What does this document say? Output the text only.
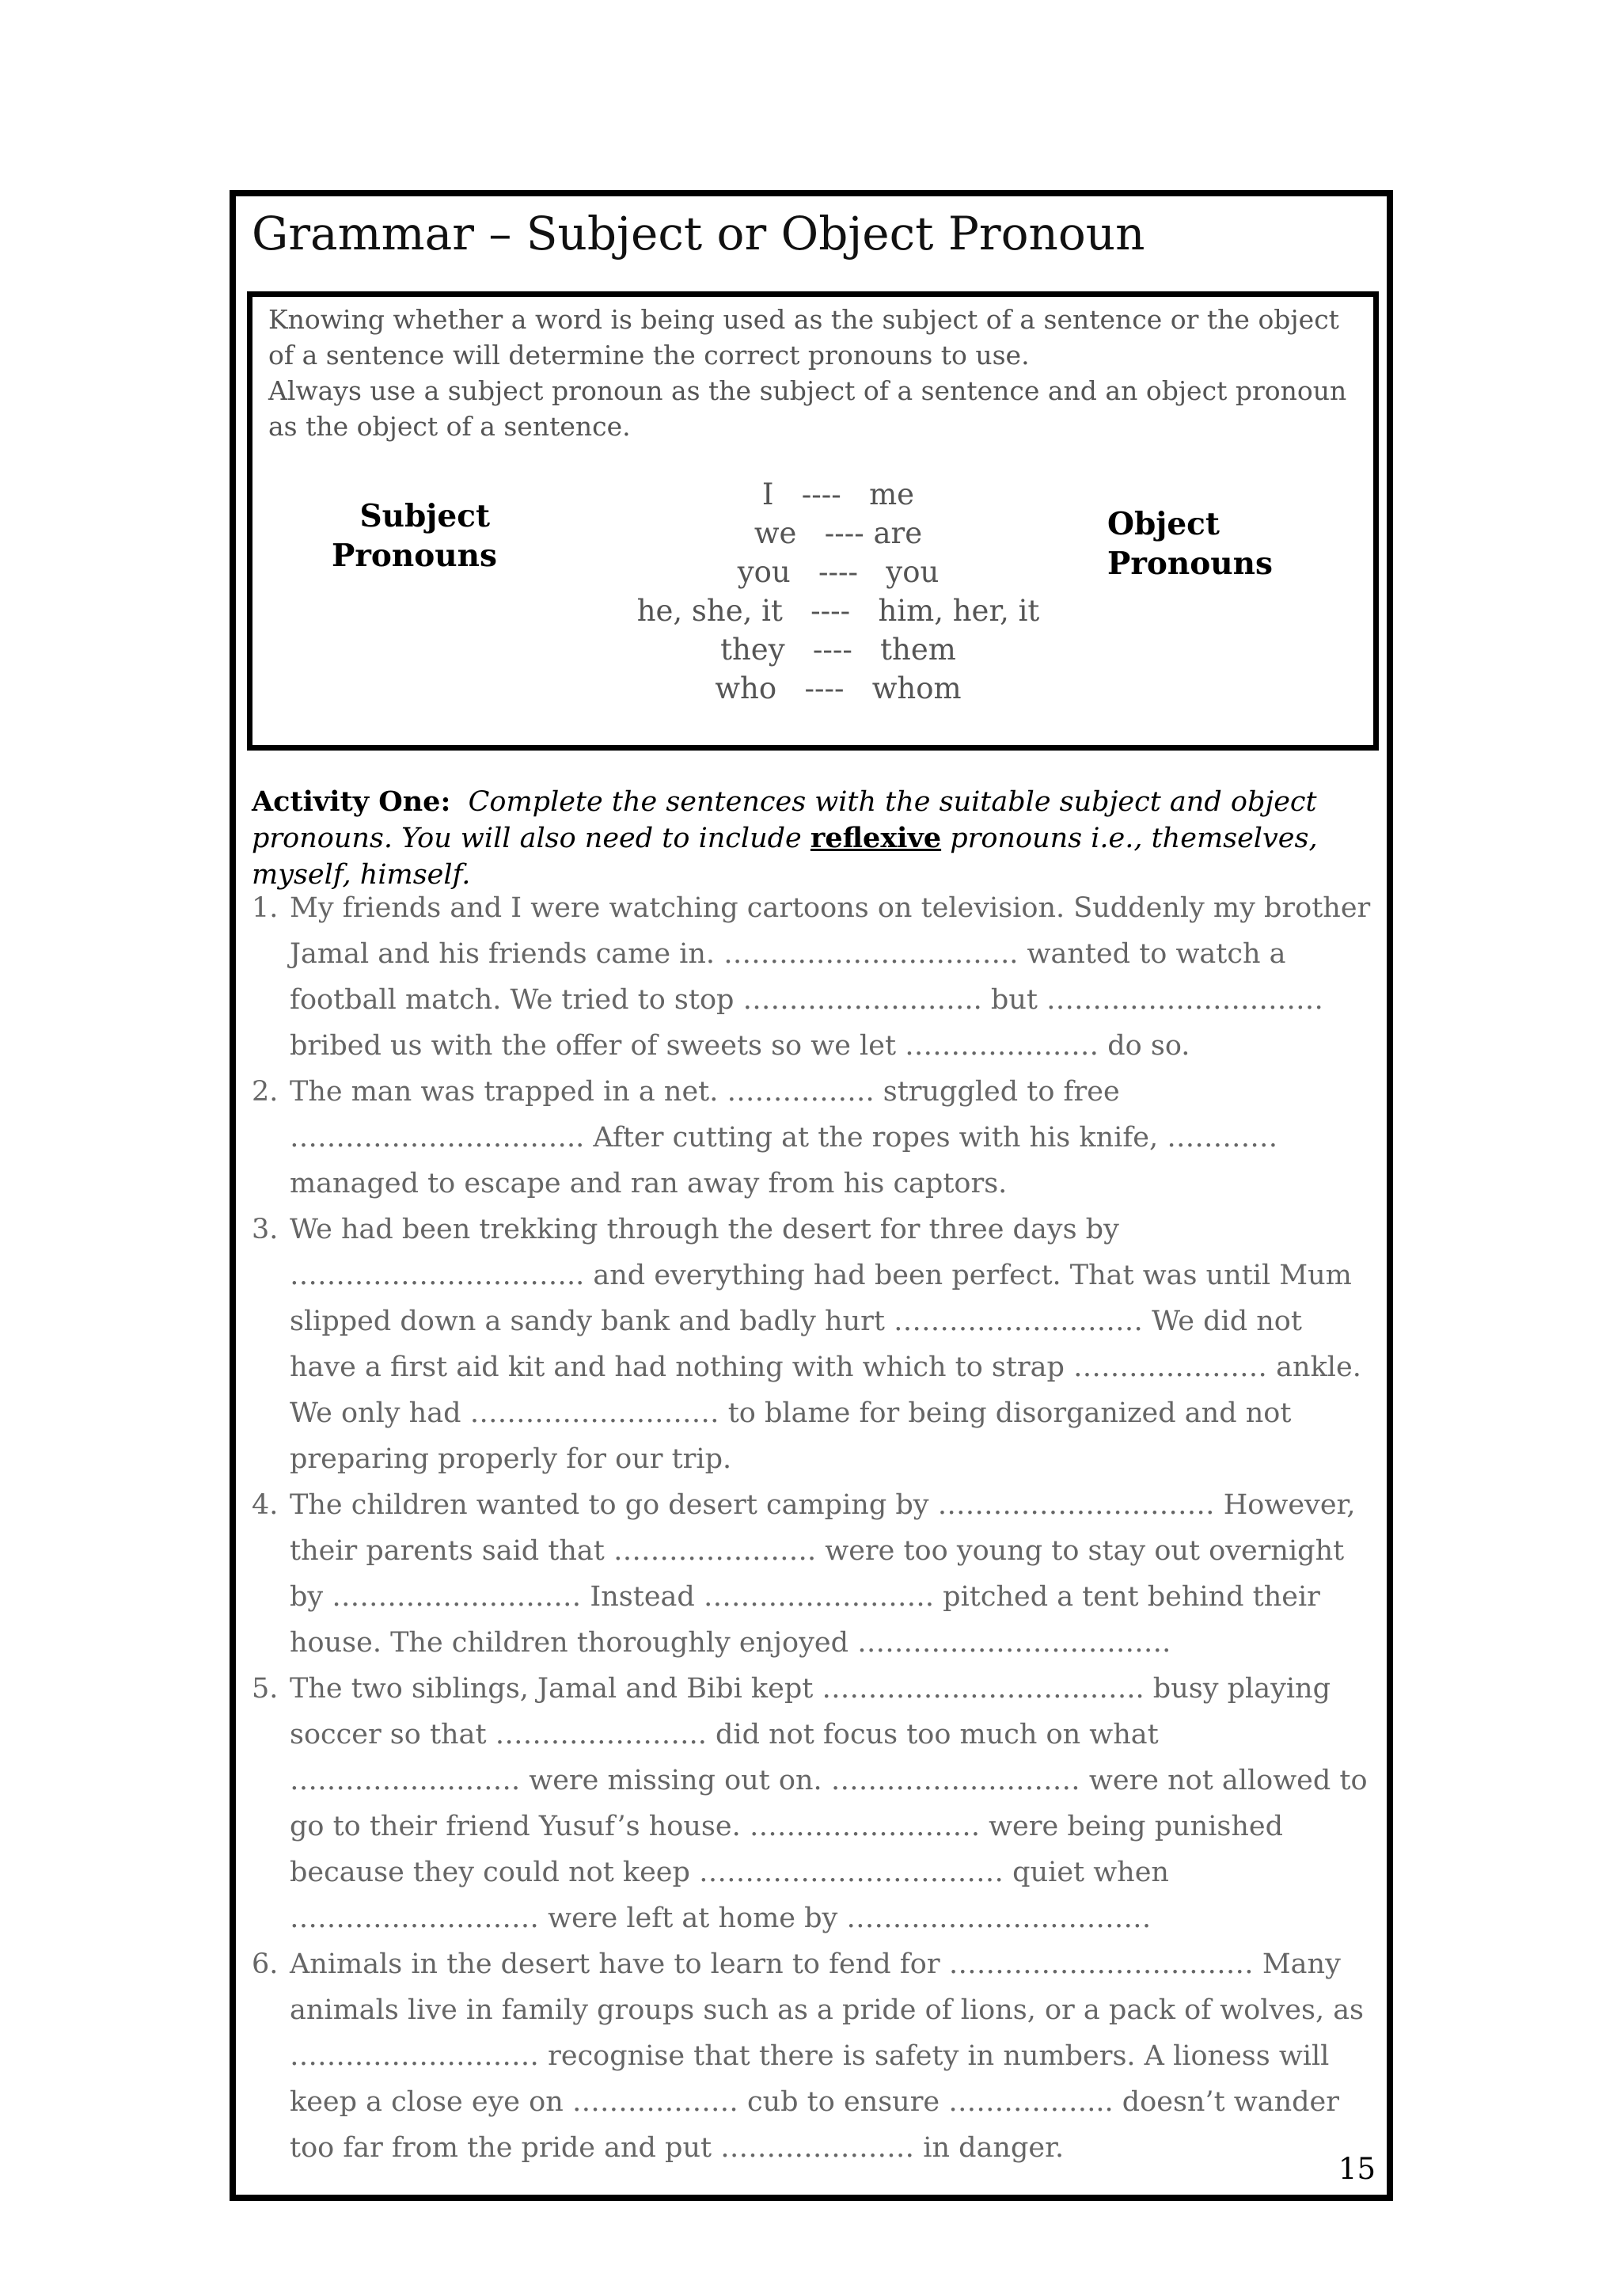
Grammar – Subject or Object Pronoun

Knowing whether a word is being used as the subject of a sentence or the object of a sentence will determine the correct pronouns to use.

Always use a subject pronoun as the subject of a sentence and an object pronoun as the object of a sentence.

Subject
Pronouns
I   ----   me
we   ---- are
you   ----   you
he, she, it   ----   him, her, it
they   ----   them
who   ----   whom
Object
Pronouns
Activity One: Complete the sentences with the suitable subject and object pronouns. You will also need to include reflexive pronouns i.e., themselves, myself, himself.
1. My friends and I were watching cartoons on television. Suddenly my brother Jamal and his friends came in. ………………………….. wanted to watch a football match. We tried to stop …………………….. but ………………………… bribed us with the offer of sweets so we let ………………… do so.
2. The man was trapped in a net. ……………. struggled to free ………………………….. After cutting at the ropes with his knife, ………… managed to escape and ran away from his captors.
3. We had been trekking through the desert for three days by ………………………….. and everything had been perfect. That was until Mum slipped down a sandy bank and badly hurt ……………………… We did not have a first aid kit and had nothing with which to strap ………………… ankle. We only had ……………………… to blame for being disorganized and not preparing properly for our trip.
4. The children wanted to go desert camping by ………………………… However, their parents said that …………………. were too young to stay out overnight by ……………………… Instead ……………………. pitched a tent behind their house. The children thoroughly enjoyed …………………………….
5. The two siblings, Jamal and Bibi kept …………………………….. busy playing soccer so that ………………….. did not focus too much on what ……………………. were missing out on. ……………………… were not allowed to go to their friend Yusuf’s house. ……………………. were being punished because they could not keep …………………………… quiet when ……………………… were left at home by ……………………………
6. Animals in the desert have to learn to fend for …………………………… Many animals live in family groups such as a pride of lions, or a pack of wolves, as ……………………… recognise that there is safety in numbers. A lioness will keep a close eye on ……………… cub to ensure ……………... doesn’t wander too far from the pride and put ………………… in danger.
15
